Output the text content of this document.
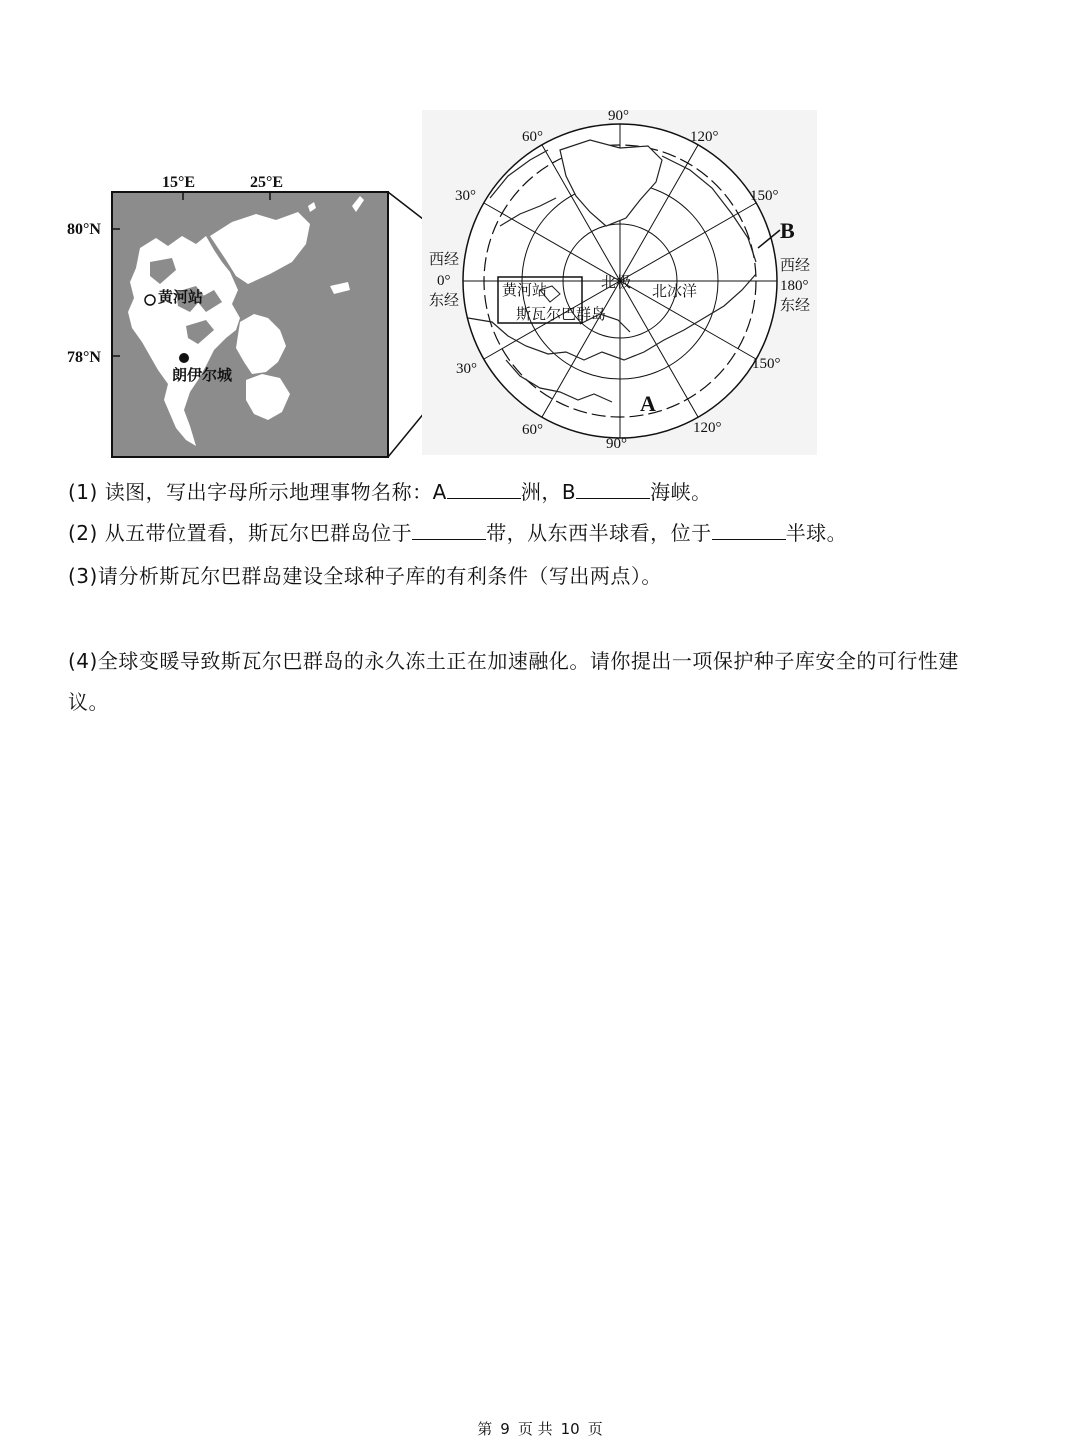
15°E	25°E
80°N
78°N
黄河站
朗伊尔城
90°
60°	120°
30°	150°
30°	150°
60°
90°
120°
西经
0°
东经
西经
180°
东经
北极
北冰洋
黄河站
斯瓦尔巴群岛
A
B
(1) 读图，写出字母所示地理事物名称：A	洲，B	海峡。
(2) 从五带位置看，斯瓦尔巴群岛位于	带，从东西半球看，位于	半球。
(3)请分析斯瓦尔巴群岛建设全球种子库的有利条件（写出两点）。
(4)全球变暖导致斯瓦尔巴群岛的永久冻土正在加速融化。请你提出一项保护种子库安全的可行性建
议。
第 9 页 共 10 页
